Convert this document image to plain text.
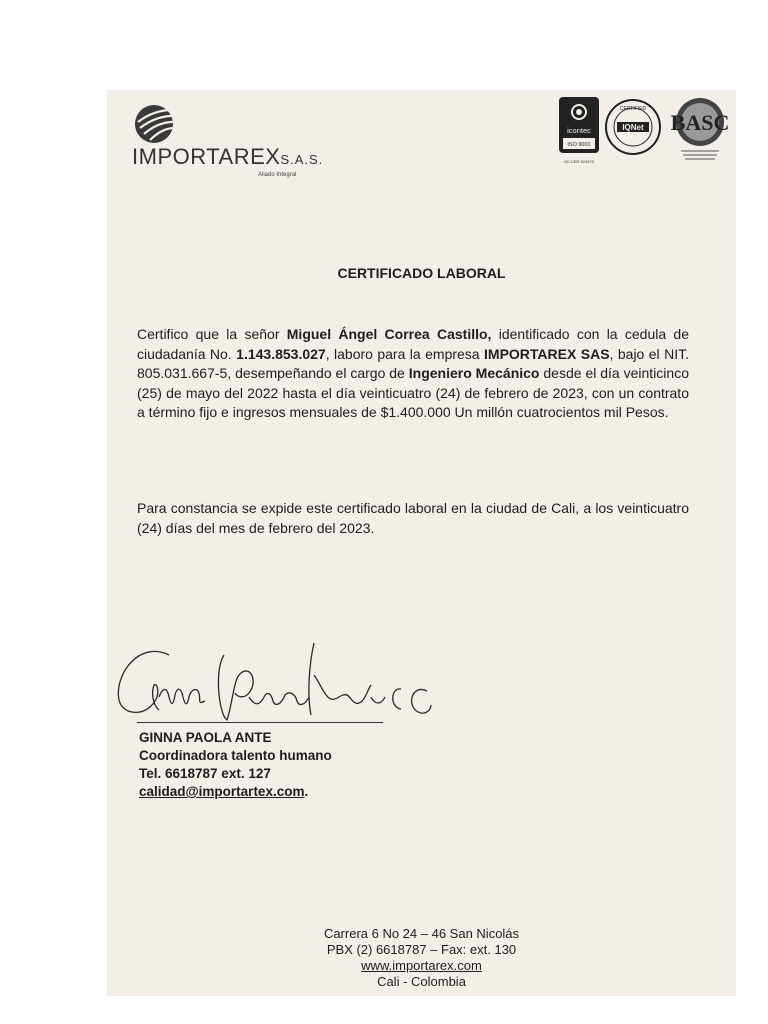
IMPORTAREXS.A.S.
Aliado Integral
icontec
ISO 9001
SC-CER 524575
CERTIFIED
IQNet BASC
CERTIFICADO LABORAL
Certifico que la señor Miguel Ángel Correa Castillo, identificado con la cedula de ciudadanía No. 1.143.853.027, laboro para la empresa IMPORTAREX SAS, bajo el NIT. 805.031.667-5, desempeñando el cargo de Ingeniero Mecánico desde el día veinticinco (25) de mayo del 2022 hasta el día veinticuatro (24) de febrero de 2023, con un contrato a término fijo e ingresos mensuales de $1.400.000 Un millón cuatrocientos mil Pesos.
Para constancia se expide este certificado laboral en la ciudad de Cali, a los veinticuatro (24) días del mes de febrero del 2023.
GINNA PAOLA ANTE
Coordinadora talento humano
Tel. 6618787 ext. 127
calidad@importartex.com.
Carrera 6 No 24 – 46 San Nicolás
PBX (2) 6618787 – Fax: ext. 130
www.importarex.com
Cali - Colombia
